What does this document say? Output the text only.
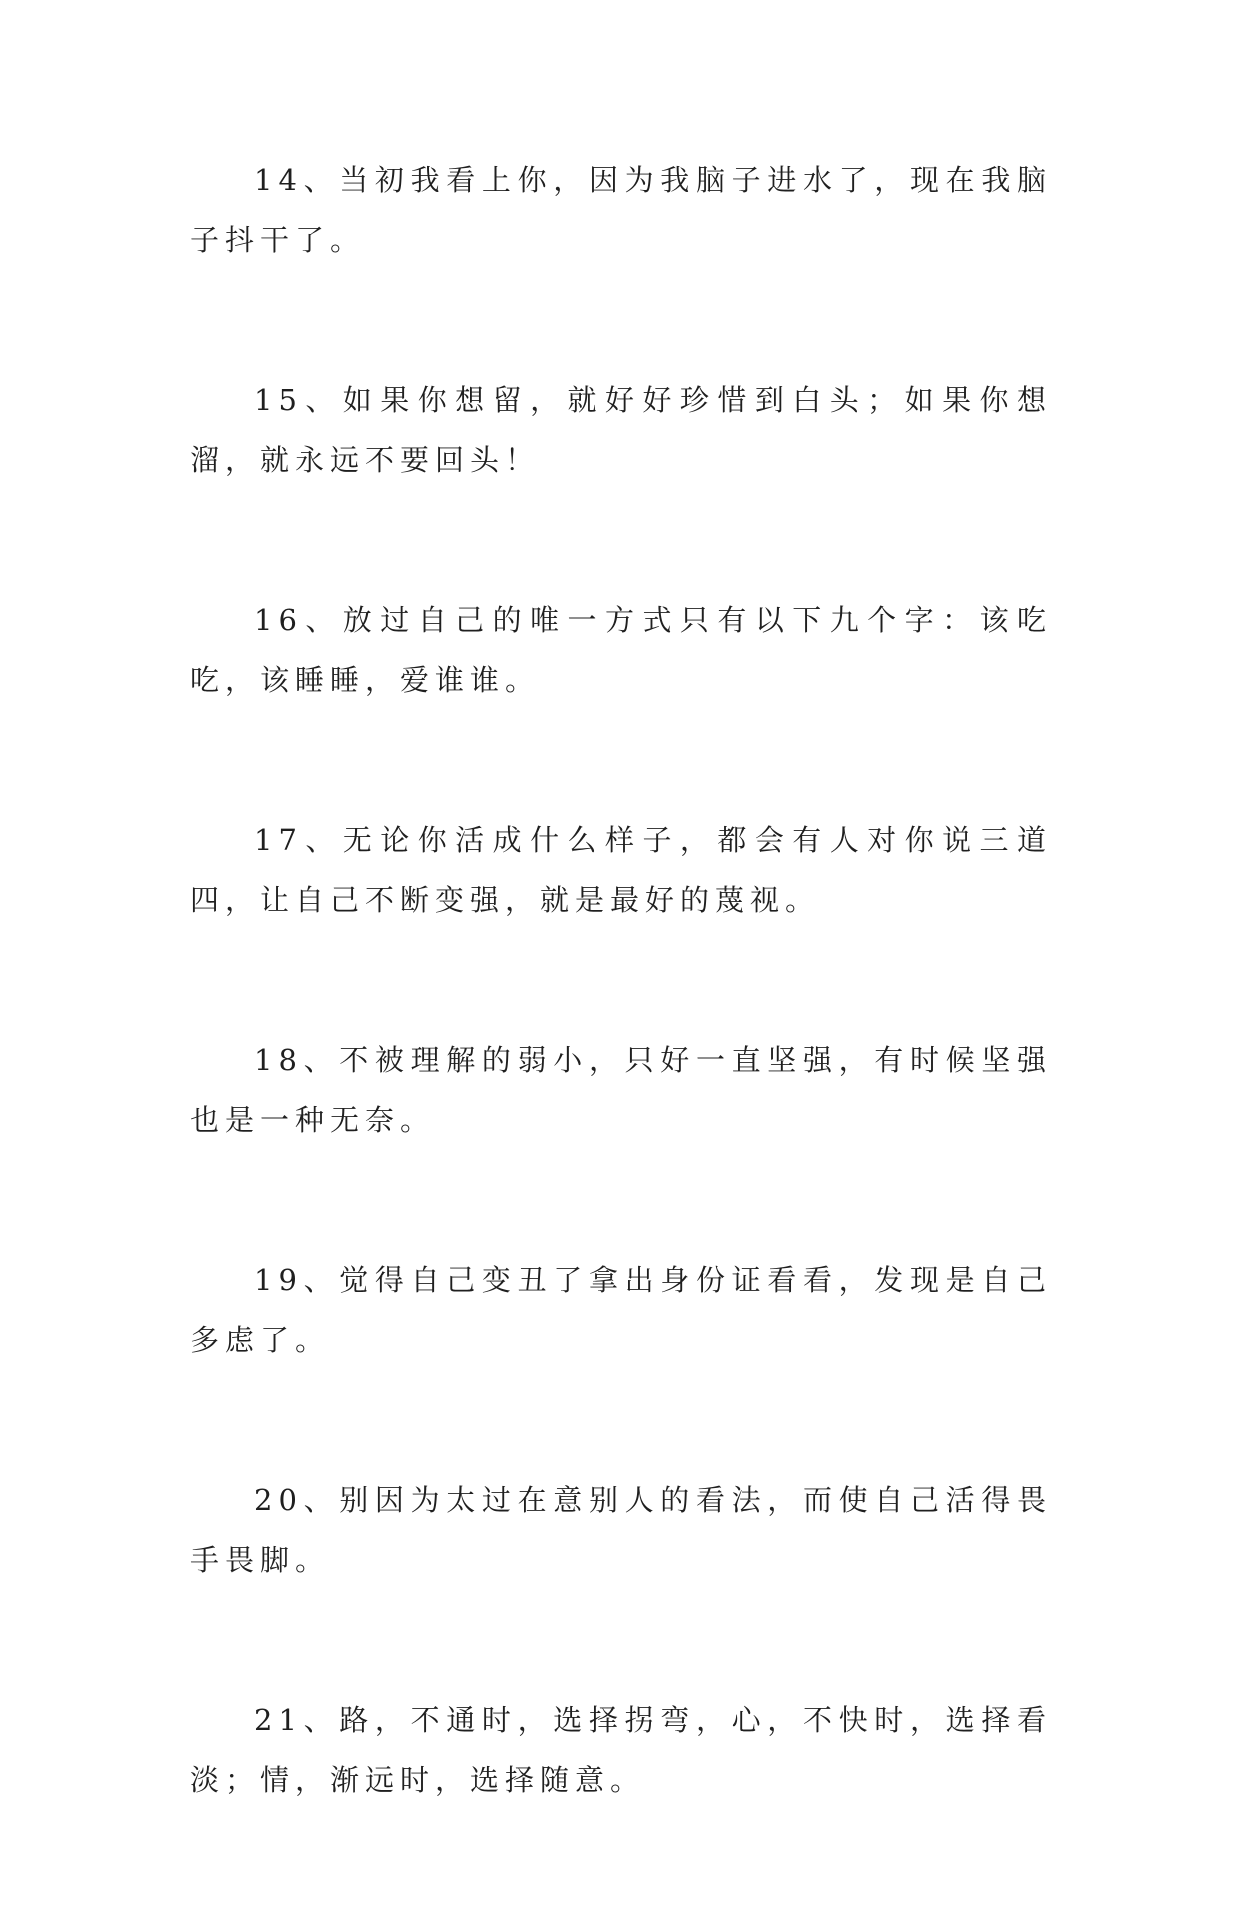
14、当初我看上你，因为我脑子进水了，现在我脑子抖干了。

15、如果你想留，就好好珍惜到白头；如果你想溜，就永远不要回头！

16、放过自己的唯一方式只有以下九个字：该吃吃，该睡睡，爱谁谁。

17、无论你活成什么样子，都会有人对你说三道四，让自己不断变强，就是最好的蔑视。

18、不被理解的弱小，只好一直坚强，有时候坚强也是一种无奈。

19、觉得自己变丑了拿出身份证看看，发现是自己多虑了。

20、别因为太过在意别人的看法，而使自己活得畏手畏脚。

21、路，不通时，选择拐弯，心，不快时，选择看淡；情，渐远时，选择随意。
